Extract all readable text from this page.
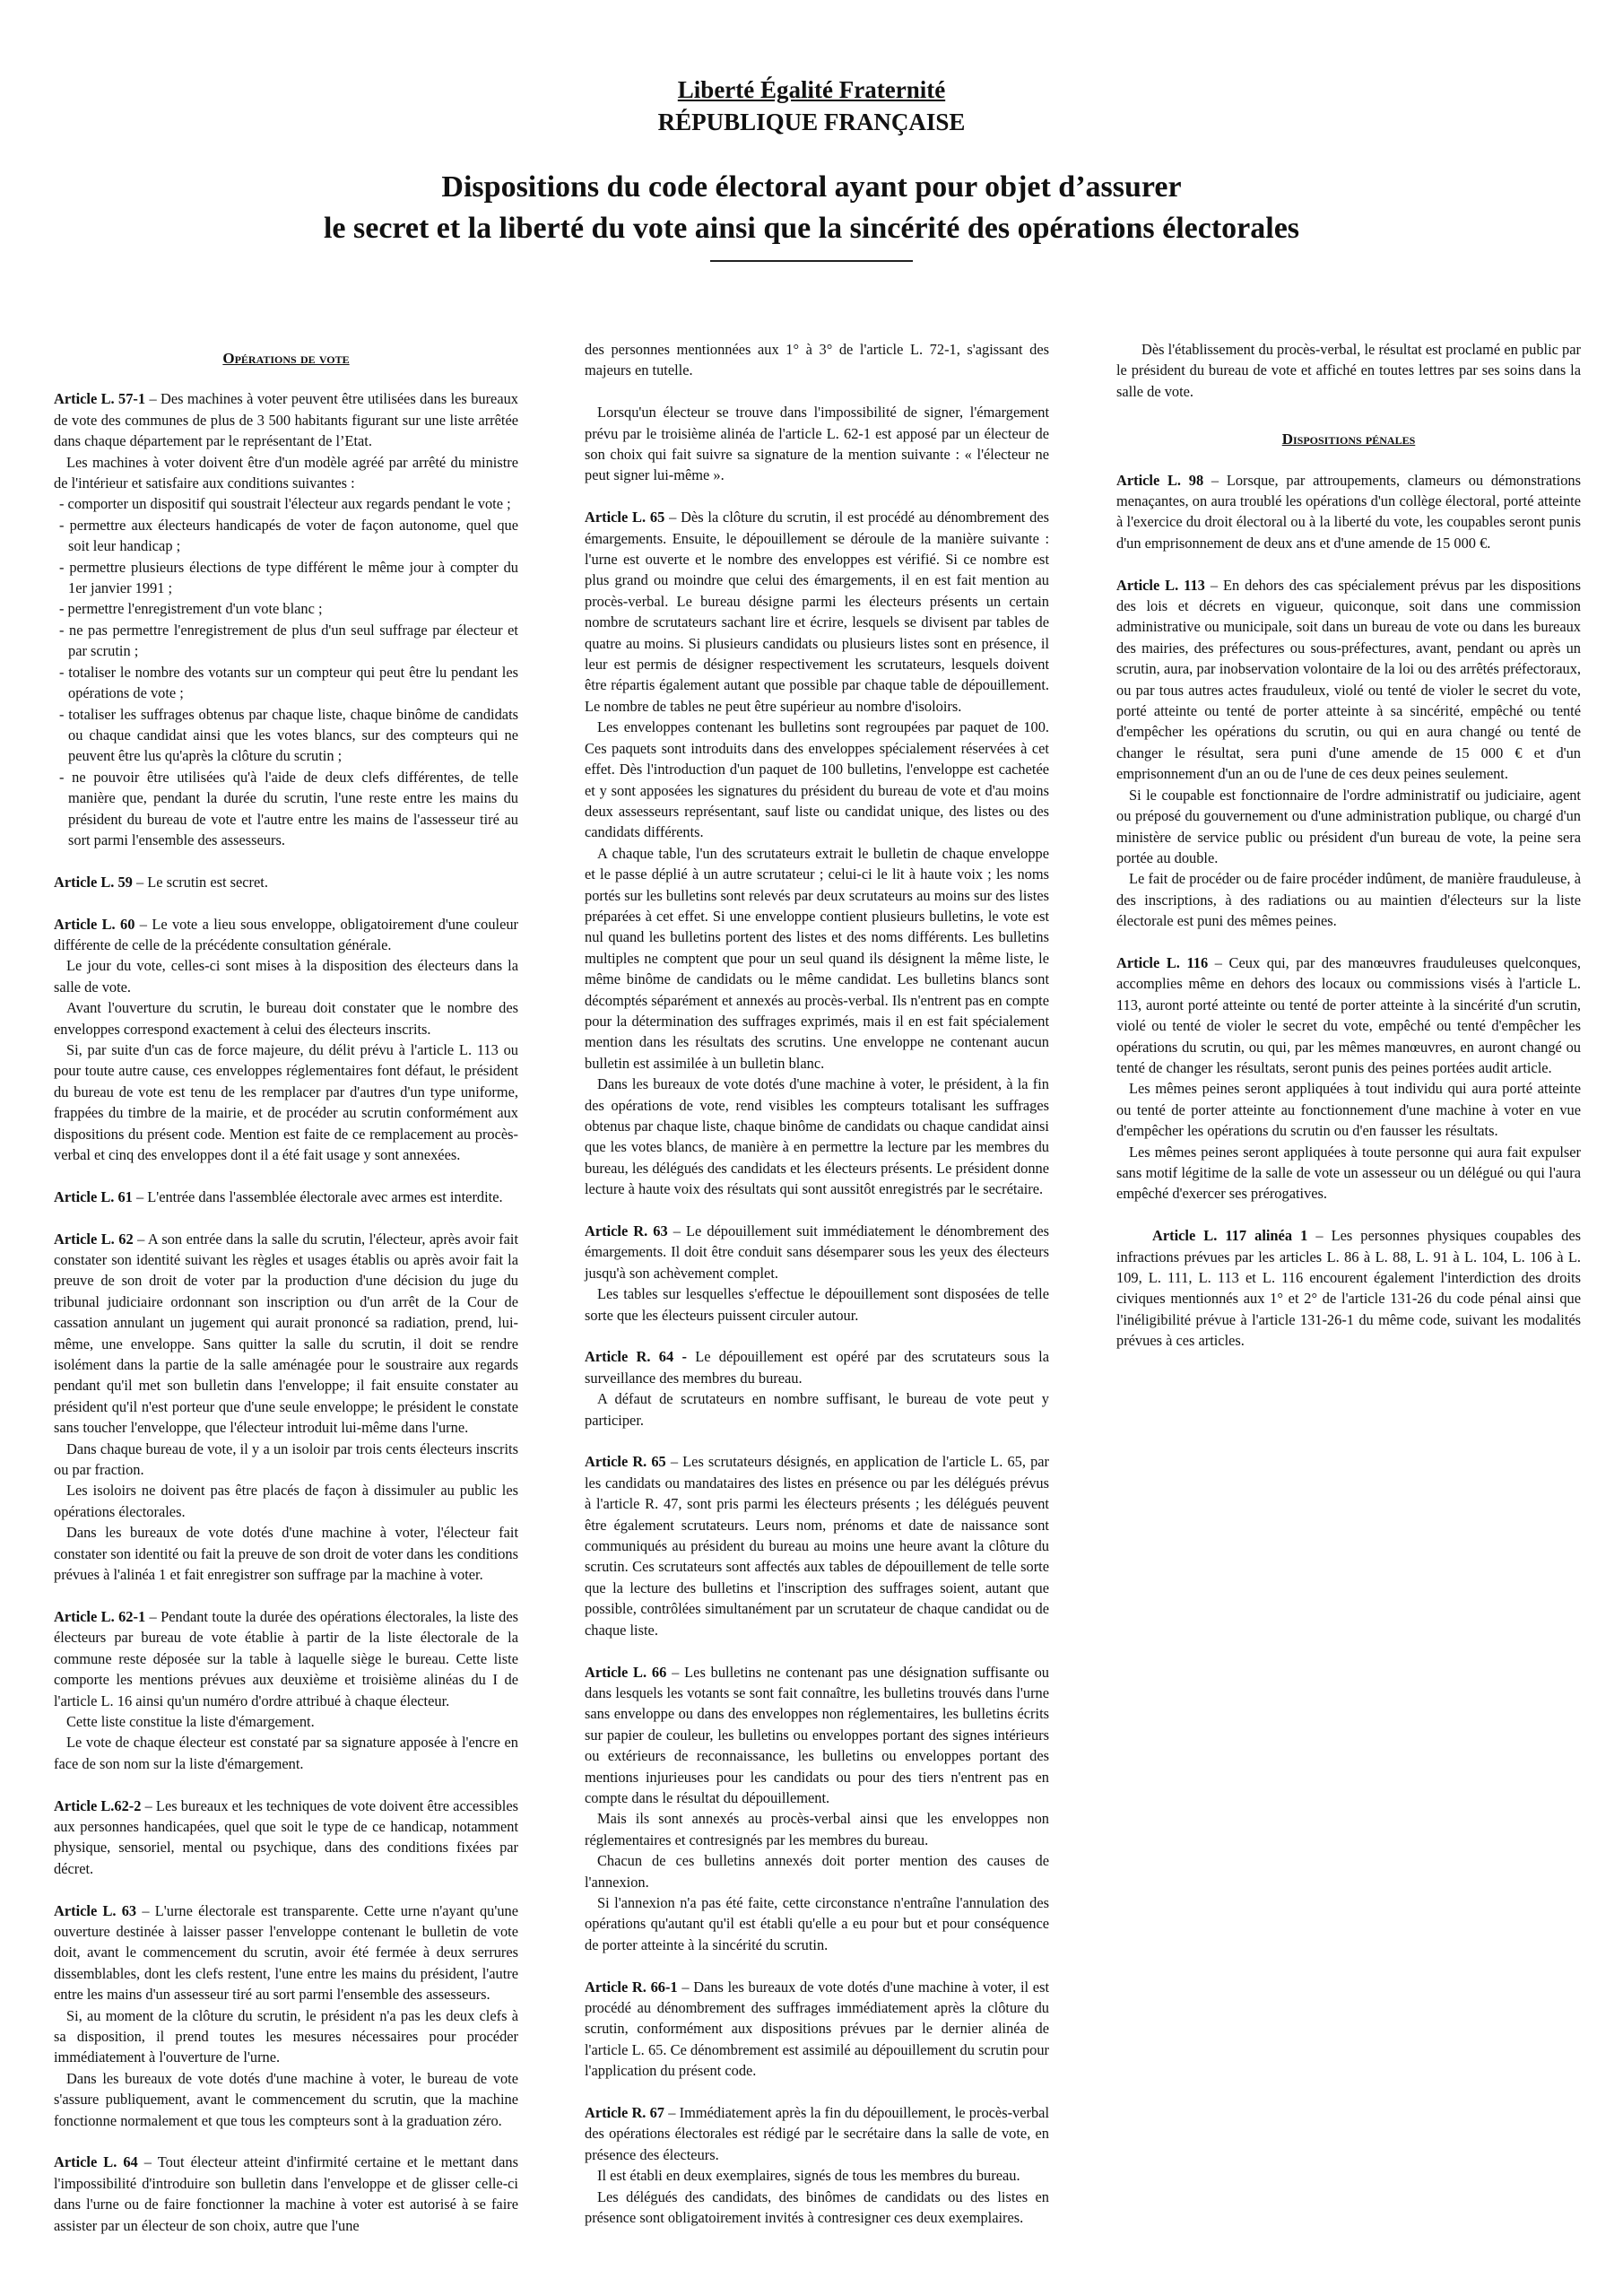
Liberté Égalité Fraternité
RÉPUBLIQUE FRANÇAISE
Dispositions du code électoral ayant pour objet d’assurer
le secret et la liberté du vote ainsi que la sincérité des opérations électorales
Opérations de vote
Article L. 57-1 – Des machines à voter peuvent être utilisées dans les bureaux de vote des communes de plus de 3 500 habitants figurant sur une liste arrêtée dans chaque département par le représentant de l’Etat.
Les machines à voter doivent être d'un modèle agréé par arrêté du ministre de l'intérieur et satisfaire aux conditions suivantes :
- comporter un dispositif qui soustrait l'électeur aux regards pendant le vote ;
- permettre aux électeurs handicapés de voter de façon autonome, quel que soit leur handicap ;
- permettre plusieurs élections de type différent le même jour à compter du 1er janvier 1991 ;
- permettre l'enregistrement d'un vote blanc ;
- ne pas permettre l'enregistrement de plus d'un seul suffrage par électeur et par scrutin ;
- totaliser le nombre des votants sur un compteur qui peut être lu pendant les opérations de vote ;
- totaliser les suffrages obtenus par chaque liste, chaque binôme de candidats ou chaque candidat ainsi que les votes blancs, sur des compteurs qui ne peuvent être lus qu'après la clôture du scrutin ;
- ne pouvoir être utilisées qu'à l'aide de deux clefs différentes, de telle manière que, pendant la durée du scrutin, l'une reste entre les mains du président du bureau de vote et l'autre entre les mains de l'assesseur tiré au sort parmi l'ensemble des assesseurs.
Article L. 59 – Le scrutin est secret.
Article L. 60 – Le vote a lieu sous enveloppe, obligatoirement d'une couleur différente de celle de la précédente consultation générale.
Le jour du vote, celles-ci sont mises à la disposition des électeurs dans la salle de vote.
Avant l'ouverture du scrutin, le bureau doit constater que le nombre des enveloppes correspond exactement à celui des électeurs inscrits.
Si, par suite d'un cas de force majeure, du délit prévu à l'article L. 113 ou pour toute autre cause, ces enveloppes réglementaires font défaut, le président du bureau de vote est tenu de les remplacer par d'autres d'un type uniforme, frappées du timbre de la mairie, et de procéder au scrutin conformément aux dispositions du présent code. Mention est faite de ce remplacement au procès-verbal et cinq des enveloppes dont il a été fait usage y sont annexées.
Article L. 61 – L'entrée dans l'assemblée électorale avec armes est interdite.
Article L. 62 – A son entrée dans la salle du scrutin, l'électeur, après avoir fait constater son identité suivant les règles et usages établis ou après avoir fait la preuve de son droit de voter par la production d'une décision du juge du tribunal judiciaire ordonnant son inscription ou d'un arrêt de la Cour de cassation annulant un jugement qui aurait prononcé sa radiation, prend, lui-même, une enveloppe. Sans quitter la salle du scrutin, il doit se rendre isolément dans la partie de la salle aménagée pour le soustraire aux regards pendant qu'il met son bulletin dans l'enveloppe; il fait ensuite constater au président qu'il n'est porteur que d'une seule enveloppe; le président le constate sans toucher l'enveloppe, que l'électeur introduit lui-même dans l'urne.
Dans chaque bureau de vote, il y a un isoloir par trois cents électeurs inscrits ou par fraction.
Les isoloirs ne doivent pas être placés de façon à dissimuler au public les opérations électorales.
Dans les bureaux de vote dotés d'une machine à voter, l'électeur fait constater son identité ou fait la preuve de son droit de voter dans les conditions prévues à l'alinéa 1 et fait enregistrer son suffrage par la machine à voter.
Article L. 62-1 – Pendant toute la durée des opérations électorales, la liste des électeurs par bureau de vote établie à partir de la liste électorale de la commune reste déposée sur la table à laquelle siège le bureau. Cette liste comporte les mentions prévues aux deuxième et troisième alinéas du I de l'article L. 16 ainsi qu'un numéro d'ordre attribué à chaque électeur.
Cette liste constitue la liste d'émargement.
Le vote de chaque électeur est constaté par sa signature apposée à l'encre en face de son nom sur la liste d'émargement.
Article L.62-2 – Les bureaux et les techniques de vote doivent être accessibles aux personnes handicapées, quel que soit le type de ce handicap, notamment physique, sensoriel, mental ou psychique, dans des conditions fixées par décret.
Article L. 63 – L'urne électorale est transparente. Cette urne n'ayant qu'une ouverture destinée à laisser passer l'enveloppe contenant le bulletin de vote doit, avant le commencement du scrutin, avoir été fermée à deux serrures dissemblables, dont les clefs restent, l'une entre les mains du président, l'autre entre les mains d'un assesseur tiré au sort parmi l'ensemble des assesseurs.
Si, au moment de la clôture du scrutin, le président n'a pas les deux clefs à sa disposition, il prend toutes les mesures nécessaires pour procéder immédiatement à l'ouverture de l'urne.
Dans les bureaux de vote dotés d'une machine à voter, le bureau de vote s'assure publiquement, avant le commencement du scrutin, que la machine fonctionne normalement et que tous les compteurs sont à la graduation zéro.
Article L. 64 – Tout électeur atteint d'infirmité certaine et le mettant dans l'impossibilité d'introduire son bulletin dans l'enveloppe et de glisser celle-ci dans l'urne ou de faire fonctionner la machine à voter est autorisé à se faire assister par un électeur de son choix, autre que l'une
des personnes mentionnées aux 1° à 3° de l'article L. 72-1, s'agissant des majeurs en tutelle.
Lorsqu'un électeur se trouve dans l'impossibilité de signer, l'émargement prévu par le troisième alinéa de l'article L. 62-1 est apposé par un électeur de son choix qui fait suivre sa signature de la mention suivante : « l'électeur ne peut signer lui-même ».
Article L. 65 – Dès la clôture du scrutin, il est procédé au dénombrement des émargements. Ensuite, le dépouillement se déroule de la manière suivante : l'urne est ouverte et le nombre des enveloppes est vérifié. Si ce nombre est plus grand ou moindre que celui des émargements, il en est fait mention au procès-verbal. Le bureau désigne parmi les électeurs présents un certain nombre de scrutateurs sachant lire et écrire, lesquels se divisent par tables de quatre au moins. Si plusieurs candidats ou plusieurs listes sont en présence, il leur est permis de désigner respectivement les scrutateurs, lesquels doivent être répartis également autant que possible par chaque table de dépouillement. Le nombre de tables ne peut être supérieur au nombre d'isoloirs.
Les enveloppes contenant les bulletins sont regroupées par paquet de 100. Ces paquets sont introduits dans des enveloppes spécialement réservées à cet effet. Dès l'introduction d'un paquet de 100 bulletins, l'enveloppe est cachetée et y sont apposées les signatures du président du bureau de vote et d'au moins deux assesseurs représentant, sauf liste ou candidat unique, des listes ou des candidats différents.
A chaque table, l'un des scrutateurs extrait le bulletin de chaque enveloppe et le passe déplié à un autre scrutateur ; celui-ci le lit à haute voix ; les noms portés sur les bulletins sont relevés par deux scrutateurs au moins sur des listes préparées à cet effet. Si une enveloppe contient plusieurs bulletins, le vote est nul quand les bulletins portent des listes et des noms différents. Les bulletins multiples ne comptent que pour un seul quand ils désignent la même liste, le même binôme de candidats ou le même candidat. Les bulletins blancs sont décomptés séparément et annexés au procès-verbal. Ils n'entrent pas en compte pour la détermination des suffrages exprimés, mais il en est fait spécialement mention dans les résultats des scrutins. Une enveloppe ne contenant aucun bulletin est assimilée à un bulletin blanc.
Dans les bureaux de vote dotés d'une machine à voter, le président, à la fin des opérations de vote, rend visibles les compteurs totalisant les suffrages obtenus par chaque liste, chaque binôme de candidats ou chaque candidat ainsi que les votes blancs, de manière à en permettre la lecture par les membres du bureau, les délégués des candidats et les électeurs présents. Le président donne lecture à haute voix des résultats qui sont aussitôt enregistrés par le secrétaire.
Article R. 63 – Le dépouillement suit immédiatement le dénombrement des émargements. Il doit être conduit sans désemparer sous les yeux des électeurs jusqu'à son achèvement complet.
Les tables sur lesquelles s'effectue le dépouillement sont disposées de telle sorte que les électeurs puissent circuler autour.
Article R. 64 - Le dépouillement est opéré par des scrutateurs sous la surveillance des membres du bureau.
A défaut de scrutateurs en nombre suffisant, le bureau de vote peut y participer.
Article R. 65 – Les scrutateurs désignés, en application de l'article L. 65, par les candidats ou mandataires des listes en présence ou par les délégués prévus à l'article R. 47, sont pris parmi les électeurs présents ; les délégués peuvent être également scrutateurs. Leurs nom, prénoms et date de naissance sont communiqués au président du bureau au moins une heure avant la clôture du scrutin. Ces scrutateurs sont affectés aux tables de dépouillement de telle sorte que la lecture des bulletins et l'inscription des suffrages soient, autant que possible, contrôlées simultanément par un scrutateur de chaque candidat ou de chaque liste.
Article L. 66 – Les bulletins ne contenant pas une désignation suffisante ou dans lesquels les votants se sont fait connaître, les bulletins trouvés dans l'urne sans enveloppe ou dans des enveloppes non réglementaires, les bulletins écrits sur papier de couleur, les bulletins ou enveloppes portant des signes intérieurs ou extérieurs de reconnaissance, les bulletins ou enveloppes portant des mentions injurieuses pour les candidats ou pour des tiers n'entrent pas en compte dans le résultat du dépouillement.
Mais ils sont annexés au procès-verbal ainsi que les enveloppes non réglementaires et contresignés par les membres du bureau.
Chacun de ces bulletins annexés doit porter mention des causes de l'annexion.
Si l'annexion n'a pas été faite, cette circonstance n'entraîne l'annulation des opérations qu'autant qu'il est établi qu'elle a eu pour but et pour conséquence de porter atteinte à la sincérité du scrutin.
Article R. 66-1 – Dans les bureaux de vote dotés d'une machine à voter, il est procédé au dénombrement des suffrages immédiatement après la clôture du scrutin, conformément aux dispositions prévues par le dernier alinéa de l'article L. 65. Ce dénombrement est assimilé au dépouillement du scrutin pour l'application du présent code.
Article R. 67 – Immédiatement après la fin du dépouillement, le procès-verbal des opérations électorales est rédigé par le secrétaire dans la salle de vote, en présence des électeurs.
Il est établi en deux exemplaires, signés de tous les membres du bureau.
Les délégués des candidats, des binômes de candidats ou des listes en présence sont obligatoirement invités à contresigner ces deux exemplaires.
Dès l'établissement du procès-verbal, le résultat est proclamé en public par le président du bureau de vote et affiché en toutes lettres par ses soins dans la salle de vote.
Dispositions pénales
Article L. 98 – Lorsque, par attroupements, clameurs ou démonstrations menaçantes, on aura troublé les opérations d'un collège électoral, porté atteinte à l'exercice du droit électoral ou à la liberté du vote, les coupables seront punis d'un emprisonnement de deux ans et d'une amende de 15 000 €.
Article L. 113 – En dehors des cas spécialement prévus par les dispositions des lois et décrets en vigueur, quiconque, soit dans une commission administrative ou municipale, soit dans un bureau de vote ou dans les bureaux des mairies, des préfectures ou sous-préfectures, avant, pendant ou après un scrutin, aura, par inobservation volontaire de la loi ou des arrêtés préfectoraux, ou par tous autres actes frauduleux, violé ou tenté de violer le secret du vote, porté atteinte ou tenté de porter atteinte à sa sincérité, empêché ou tenté d'empêcher les opérations du scrutin, ou qui en aura changé ou tenté de changer le résultat, sera puni d'une amende de 15 000 € et d'un emprisonnement d'un an ou de l'une de ces deux peines seulement.
Si le coupable est fonctionnaire de l'ordre administratif ou judiciaire, agent ou préposé du gouvernement ou d'une administration publique, ou chargé d'un ministère de service public ou président d'un bureau de vote, la peine sera portée au double.
Le fait de procéder ou de faire procéder indûment, de manière frauduleuse, à des inscriptions, à des radiations ou au maintien d'électeurs sur la liste électorale est puni des mêmes peines.
Article L. 116 – Ceux qui, par des manœuvres frauduleuses quelconques, accomplies même en dehors des locaux ou commissions visés à l'article L. 113, auront porté atteinte ou tenté de porter atteinte à la sincérité d'un scrutin, violé ou tenté de violer le secret du vote, empêché ou tenté d'empêcher les opérations du scrutin, ou qui, par les mêmes manœuvres, en auront changé ou tenté de changer les résultats, seront punis des peines portées audit article.
Les mêmes peines seront appliquées à tout individu qui aura porté atteinte ou tenté de porter atteinte au fonctionnement d'une machine à voter en vue d'empêcher les opérations du scrutin ou d'en fausser les résultats.
Les mêmes peines seront appliquées à toute personne qui aura fait expulser sans motif légitime de la salle de vote un assesseur ou un délégué ou qui l'aura empêché d'exercer ses prérogatives.
Article L. 117 alinéa 1 – Les personnes physiques coupables des infractions prévues par les articles L. 86 à L. 88, L. 91 à L. 104, L. 106 à L. 109, L. 111, L. 113 et L. 116 encourent également l'interdiction des droits civiques mentionnés aux 1° et 2° de l'article 131-26 du code pénal ainsi que l'inéligibilité prévue à l'article 131-26-1 du même code, suivant les modalités prévues à ces articles.
